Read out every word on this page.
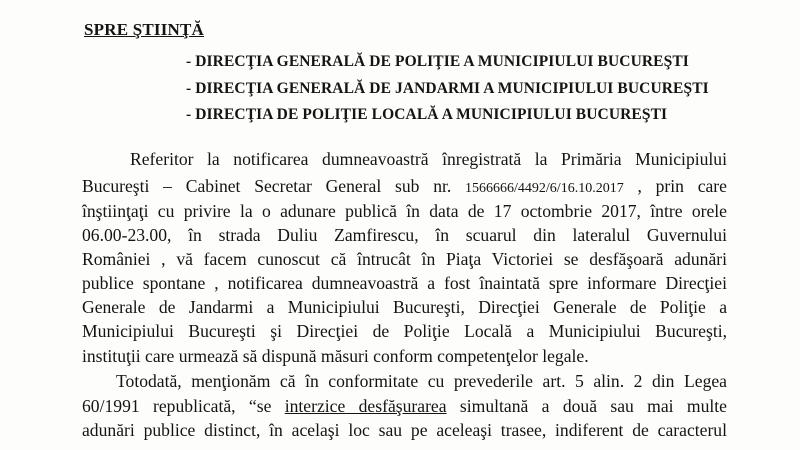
SPRE ŞTIINŢĂ
- DIRECŢIA GENERALĂ DE POLIŢIE A MUNICIPIULUI BUCUREŞTI
- DIRECŢIA GENERALĂ DE JANDARMI A MUNICIPIULUI BUCUREŞTI
- DIRECŢIA DE POLIŢIE LOCALĂ A MUNICIPIULUI BUCUREŞTI
Referitor la notificarea dumneavoastră înregistrată la Primăria Municipiului
Bucureşti – Cabinet Secretar General sub nr. 1566666/4492/6/16.10.2017 , prin care
înştiinţaţi cu privire la o adunare publică în data de 17 octombrie 2017, între orele
06.00-23.00, în strada Duliu Zamfirescu, în scuarul din lateralul Guvernului
României , vă facem cunoscut că întrucât în Piaţa Victoriei se desfăşoară adunări
publice spontane , notificarea dumneavoastră a fost înaintată spre informare Direcţiei
Generale de Jandarmi a Municipiului Bucureşti, Direcţiei Generale de Poliţie a
Municipiului Bucureşti şi Direcţiei de Poliţie Locală a Municipiului Bucureşti,
instituţii care urmează să dispună măsuri conform competenţelor legale.
Totodată, menţionăm că în conformitate cu prevederile art. 5 alin. 2 din Legea
60/1991 republicată, “se interzice desfăşurarea simultană a două sau mai multe
adunări publice distinct, în acelaşi loc sau pe aceleaşi trasee, indiferent de caracterul
